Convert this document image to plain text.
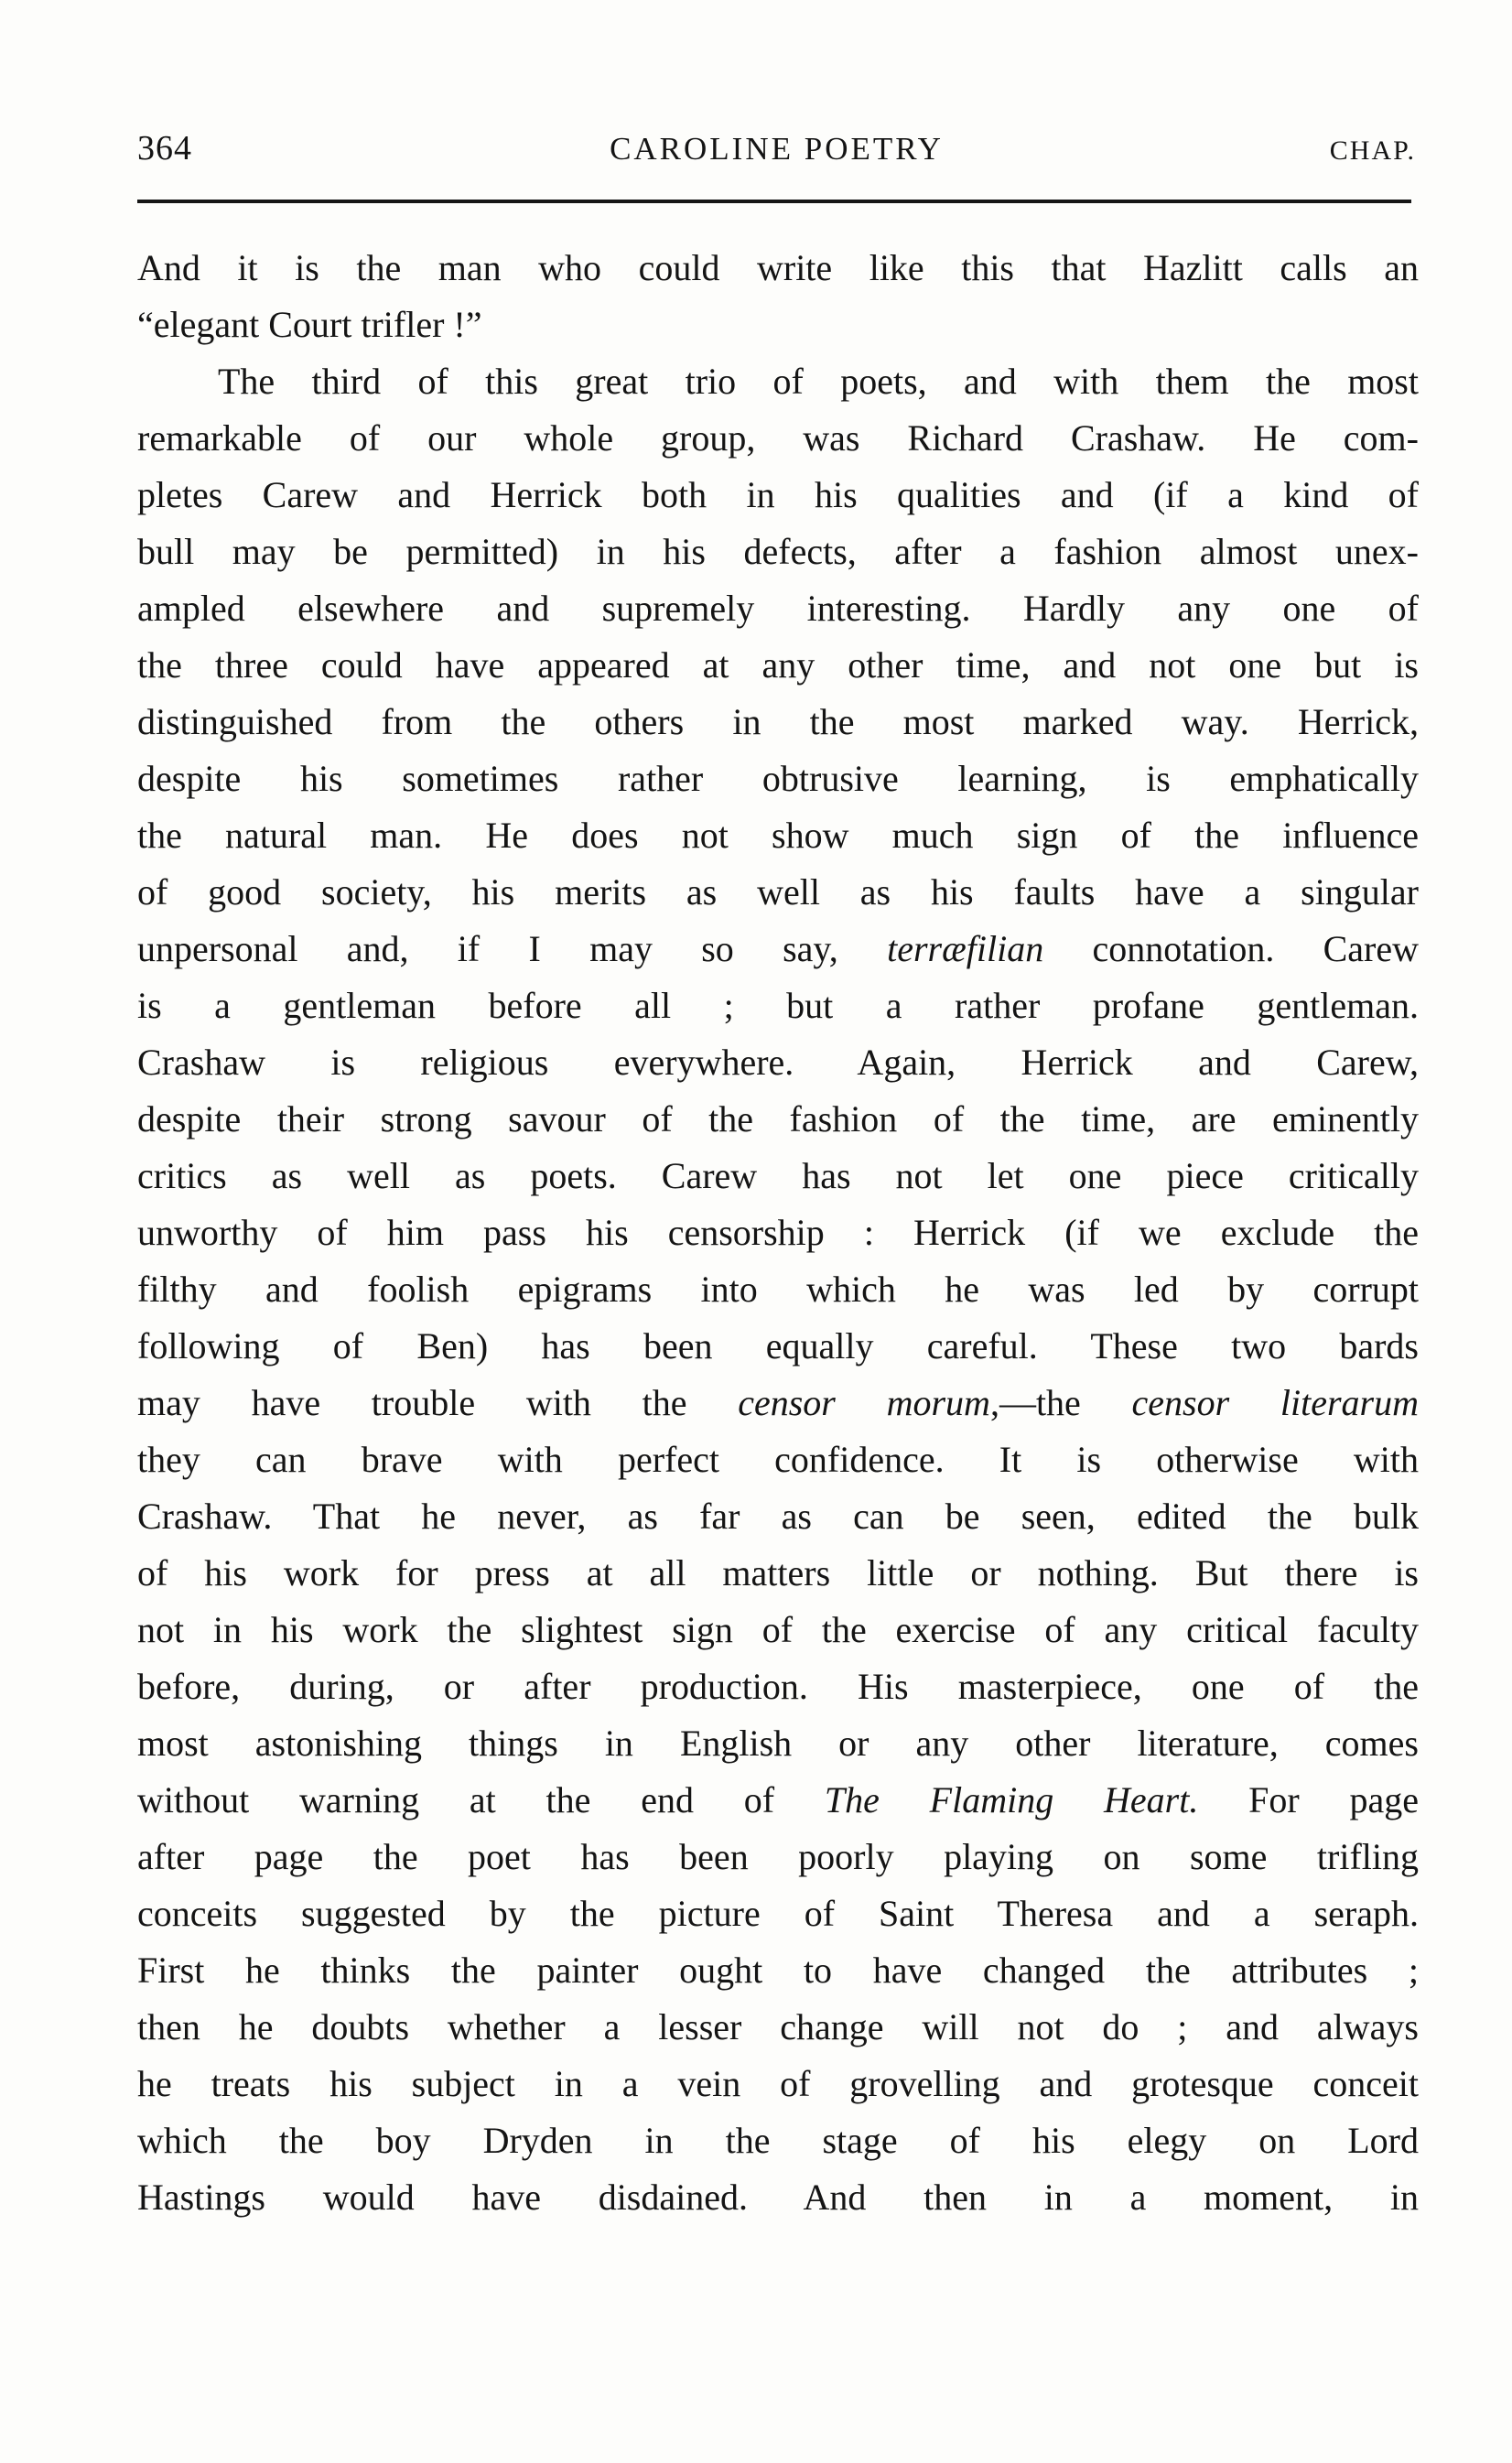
364	CAROLINE POETRY	CHAP.
And it is the man who could write like this that Hazlitt calls an
“elegant Court trifler !”
The third of this great trio of poets, and with them the most
remarkable of our whole group, was Richard Crashaw. He com-
pletes Carew and Herrick both in his qualities and (if a kind of
bull may be permitted) in his defects, after a fashion almost unex-
ampled elsewhere and supremely interesting. Hardly any one of
the three could have appeared at any other time, and not one but is
distinguished from the others in the most marked way. Herrick,
despite his sometimes rather obtrusive learning, is emphatically
the natural man. He does not show much sign of the influence
of good society, his merits as well as his faults have a singular
unpersonal and, if I may so say, terræfilian connotation. Carew
is a gentleman before all ; but a rather profane gentleman.
Crashaw is religious everywhere. Again, Herrick and Carew,
despite their strong savour of the fashion of the time, are eminently
critics as well as poets. Carew has not let one piece critically
unworthy of him pass his censorship : Herrick (if we exclude the
filthy and foolish epigrams into which he was led by corrupt
following of Ben) has been equally careful. These two bards
may have trouble with the censor morum,—the censor literarum
they can brave with perfect confidence. It is otherwise with
Crashaw. That he never, as far as can be seen, edited the bulk
of his work for press at all matters little or nothing. But there is
not in his work the slightest sign of the exercise of any critical faculty
before, during, or after production. His masterpiece, one of the
most astonishing things in English or any other literature, comes
without warning at the end of The Flaming Heart. For page
after page the poet has been poorly playing on some trifling
conceits suggested by the picture of Saint Theresa and a seraph.
First he thinks the painter ought to have changed the attributes ;
then he doubts whether a lesser change will not do ; and always
he treats his subject in a vein of grovelling and grotesque conceit
which the boy Dryden in the stage of his elegy on Lord
Hastings would have disdained. And then in a moment, in
